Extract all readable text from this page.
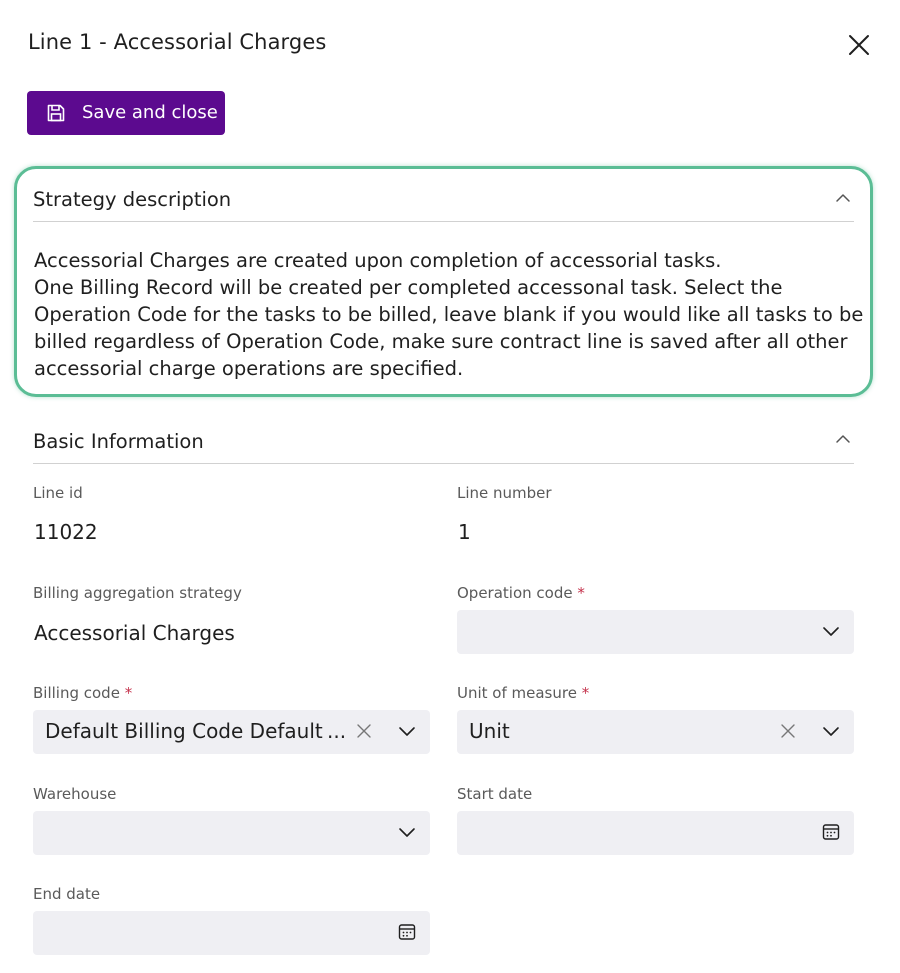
Line 1 - Accessorial Charges
Save and close
Strategy description

Accessorial Charges are created upon completion of accessorial tasks.

One Billing Record will be created per completed accessonal task. Select the

Operation Code for the tasks to be billed, leave blank if you would like all tasks to be

billed regardless of Operation Code, make sure contract line is saved after all other

accessorial charge operations are specified.

Basic Information
Line id
11022
Line number
1
Billing aggregation strategy
Accessorial Charges
Operation code *
Billing code *
Default Billing Code Default ...
Unit of measure *
Unit
Warehouse	Start date
End date
